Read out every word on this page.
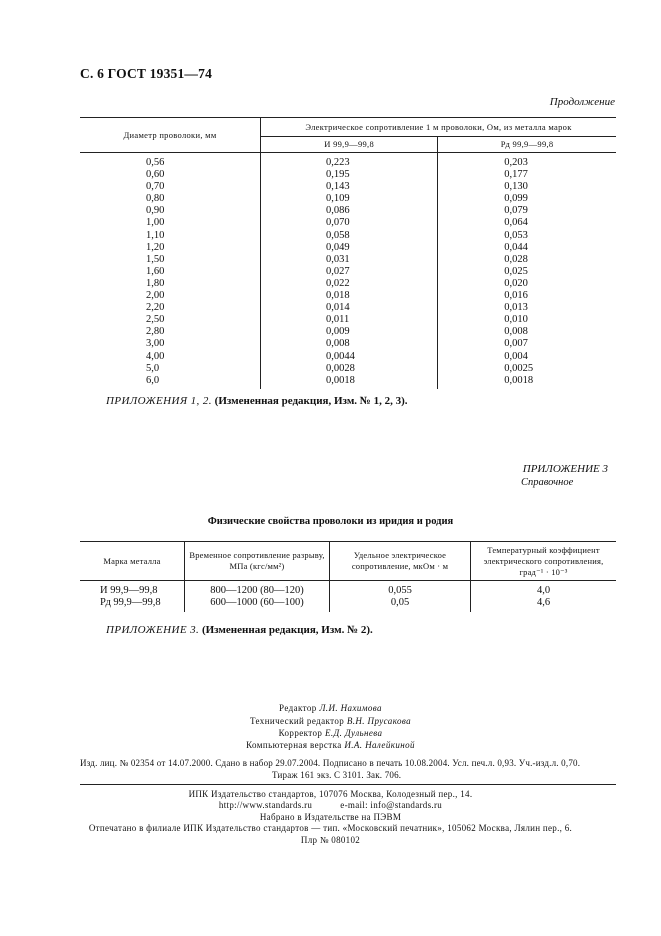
С. 6 ГОСТ 19351—74
Продолжение
Диаметр проволоки, мм	Электрическое сопротивление 1 м проволоки, Ом, из металла марок	
	И 99,9—99,8	Рд 99,9—99,8
0,56	0,223	0,203
0,60	0,195	0,177
0,70	0,143	0,130
0,80	0,109	0,099
0,90	0,086	0,079
1,00	0,070	0,064
1,10	0,058	0,053
1,20	0,049	0,044
1,50	0,031	0,028
1,60	0,027	0,025
1,80	0,022	0,020
2,00	0,018	0,016
2,20	0,014	0,013
2,50	0,011	0,010
2,80	0,009	0,008
3,00	0,008	0,007
4,00	0,0044	0,004
5,0	0,0028	0,0025
6,0	0,0018	0,0018
ПРИЛОЖЕНИЯ 1, 2. (Измененная редакция, Изм. № 1, 2, 3).
ПРИЛОЖЕНИЕ 3
Справочное
Физические свойства проволоки из иридия и родия
Марка металла	Временное сопротивление разрыву, МПа (кгс/мм²)	Удельное электрическое сопротивление, мкОм · м	Температурный коэффициент электрического сопротивления, град⁻¹ · 10⁻³
И 99,9—99,8	800—1200 (80—120)	0,055	4,0
Рд 99,9—99,8	600—1000 (60—100)	0,05	4,6
ПРИЛОЖЕНИЕ 3. (Измененная редакция, Изм. № 2).
Редактор Л.И. Нахимова
Технический редактор В.Н. Прусакова
Корректор Е.Д. Дульнева
Компьютерная верстка И.А. Налейкиной
Изд. лиц. № 02354 от 14.07.2000. Сдано в набор 29.07.2004. Подписано в печать 10.08.2004. Усл. печ.л. 0,93. Уч.-изд.л. 0,70.
Тираж 161 экз. С 3101. Зак. 706.
ИПК Издательство стандартов, 107076 Москва, Колодезный пер., 14.
http://www.standards.ru	e-mail: info@standards.ru
Набрано в Издательстве на ПЭВМ
Отпечатано в филиале ИПК Издательство стандартов — тип. «Московский печатник», 105062 Москва, Лялин пер., 6.
Плр № 080102
